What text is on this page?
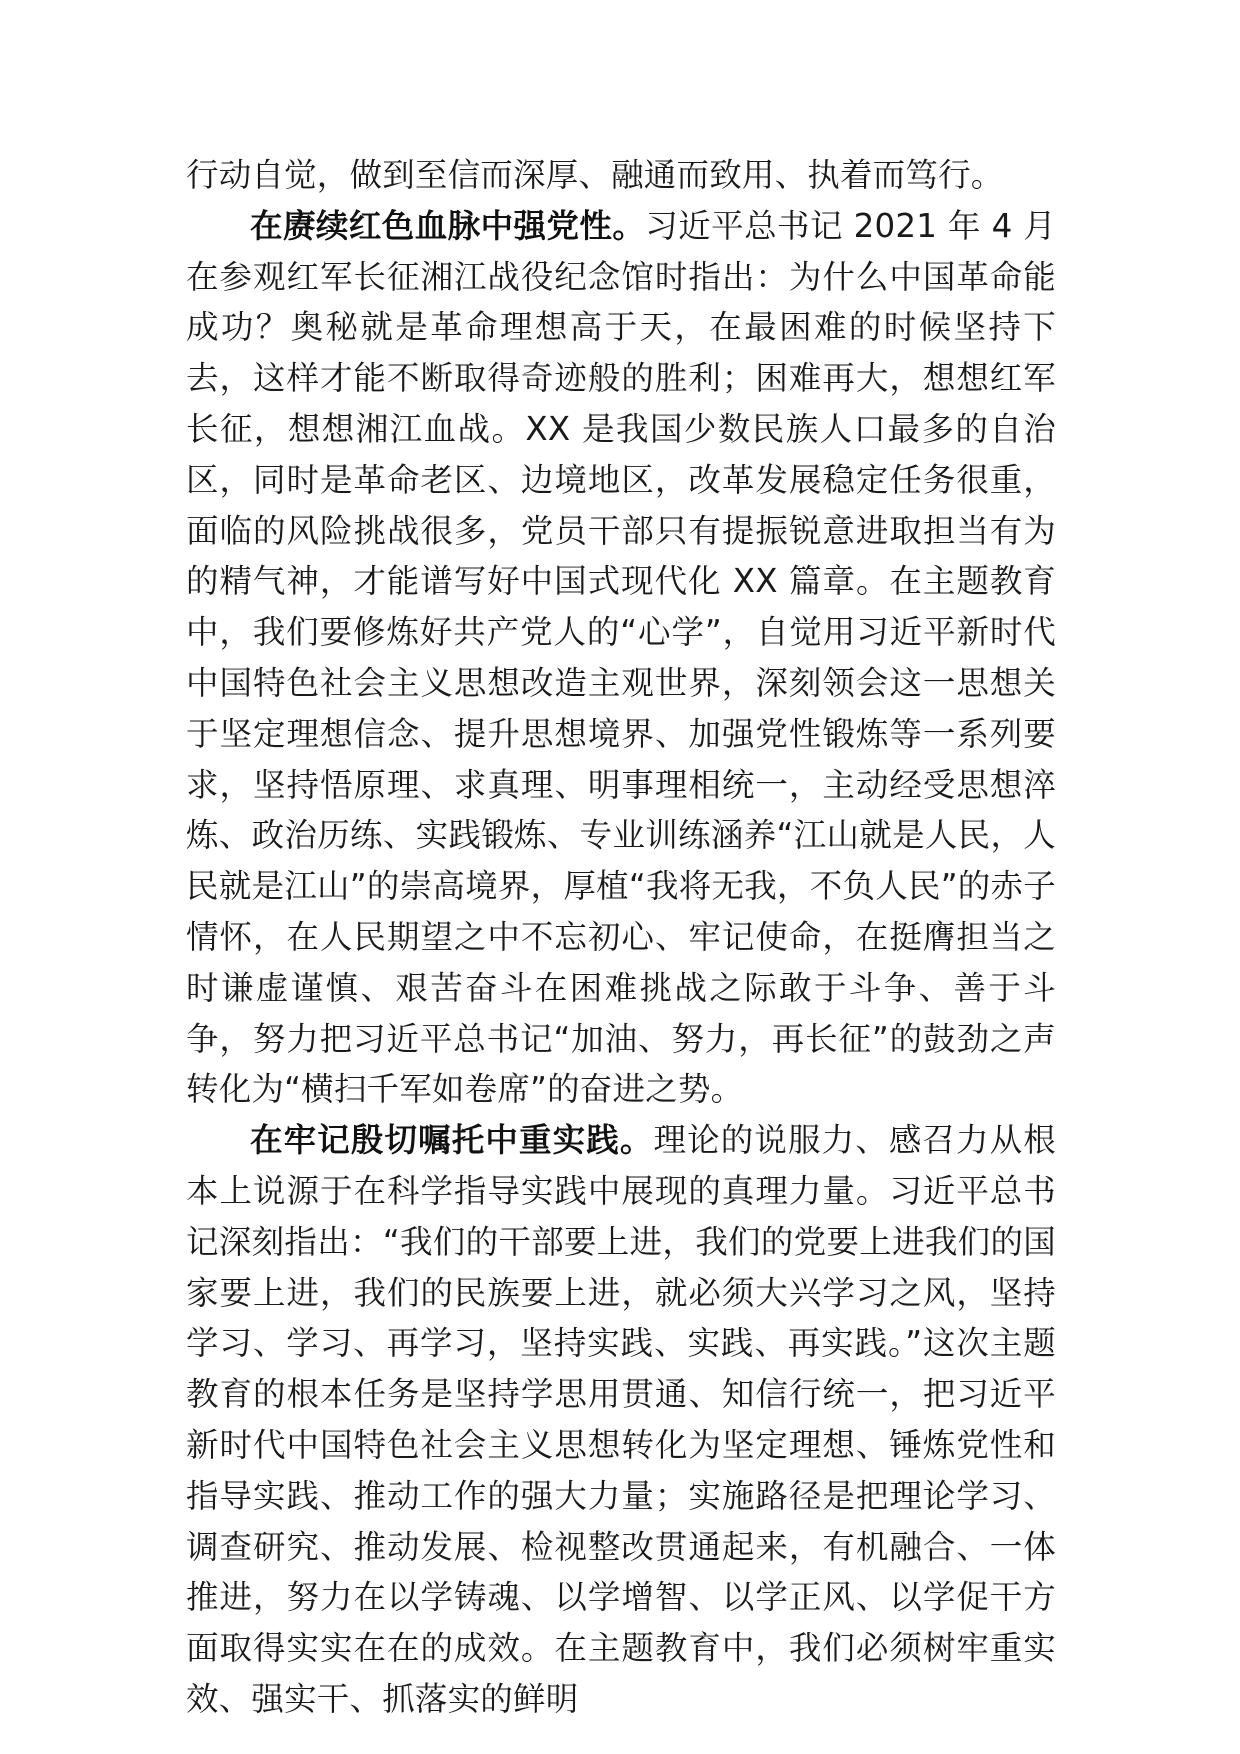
行动自觉，做到至信而深厚、融通而致用、执着而笃行。

在赓续红色血脉中强党性。习近平总书记 2021 年 4 月在参观红军长征湘江战役纪念馆时指出：为什么中国革命能成功？奥秘就是革命理想高于天，在最困难的时候坚持下去，这样才能不断取得奇迹般的胜利；困难再大，想想红军长征，想想湘江血战。XX 是我国少数民族人口最多的自治区，同时是革命老区、边境地区，改革发展稳定任务很重，面临的风险挑战很多，党员干部只有提振锐意进取担当有为的精气神，才能谱写好中国式现代化 XX 篇章。在主题教育中，我们要修炼好共产党人的“心学”，自觉用习近平新时代中国特色社会主义思想改造主观世界，深刻领会这一思想关于坚定理想信念、提升思想境界、加强党性锻炼等一系列要求，坚持悟原理、求真理、明事理相统一，主动经受思想淬炼、政治历练、实践锻炼、专业训练涵养“江山就是人民，人民就是江山”的崇高境界，厚植“我将无我，不负人民”的赤子情怀，在人民期望之中不忘初心、牢记使命，在挺膺担当之时谦虚谨慎、艰苦奋斗在困难挑战之际敢于斗争、善于斗争，努力把习近平总书记“加油、努力，再长征”的鼓劲之声转化为“横扫千军如卷席”的奋进之势。

在牢记殷切嘱托中重实践。理论的说服力、感召力从根本上说源于在科学指导实践中展现的真理力量。习近平总书记深刻指出：“我们的干部要上进，我们的党要上进我们的国家要上进，我们的民族要上进，就必须大兴学习之风，坚持学习、学习、再学习，坚持实践、实践、再实践。”这次主题教育的根本任务是坚持学思用贯通、知信行统一，把习近平新时代中国特色社会主义思想转化为坚定理想、锤炼党性和指导实践、推动工作的强大力量；实施路径是把理论学习、调查研究、推动发展、检视整改贯通起来，有机融合、一体推进，努力在以学铸魂、以学增智、以学正风、以学促干方面取得实实在在的成效。在主题教育中，我们必须树牢重实效、强实干、抓落实的鲜明
